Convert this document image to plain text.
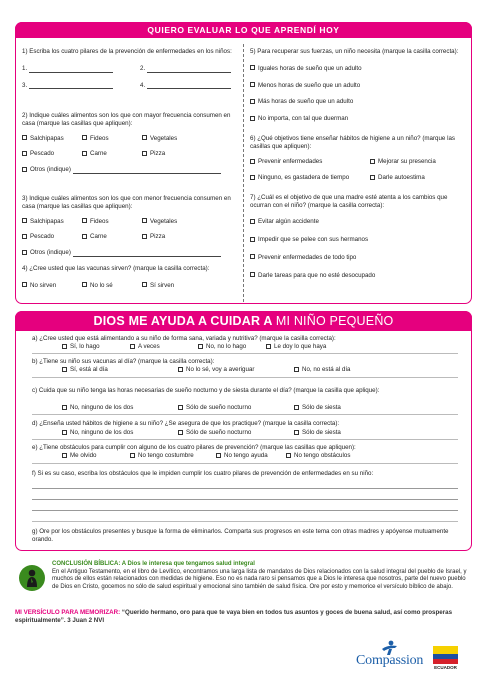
QUIERO EVALUAR LO QUE APRENDÍ HOY
1) Escriba los cuatro pilares de la prevención de enfermedades en los niños:
1.	2.
3.	4.
2) Indique cuáles alimentos son los que con mayor frecuencia consumen en casa (marque las casillas que apliquen):
Salchipapas	Fideos	Vegetales
Pescado	Carne	Pizza
Otros (indique)
3) Indique cuáles alimentos son los que con menor frecuencia consumen en casa (marque las casillas que apliquen):
Salchipapas	Fideos	Vegetales
Pescado	Carne	Pizza
Otros (indique)
4) ¿Cree usted que las vacunas sirven? (marque la casilla correcta):
No sirven	No lo sé	Sí sirven
5) Para recuperar sus fuerzas, un niño necesita (marque la casilla correcta):
Iguales horas de sueño que un adulto
Menos horas de sueño que un adulto
Más horas de sueño que un adulto
No importa, con tal que duerman
6) ¿Qué objetivos tiene enseñar hábitos de higiene a un niño? (marque las casillas que apliquen):
Prevenir enfermedades	Mejorar su presencia
Ninguno, es gastadera de tiempo	Darle autoestima
7) ¿Cuál es el objetivo de que una madre esté atenta a los cambios que ocurran con el niño? (marque la casilla correcta):
Evitar algún accidente
Impedir que se pelee con sus hermanos
Prevenir enfermedades de todo tipo
Darle tareas para que no esté desocupado
DIOS ME AYUDA A CUIDAR A MI NIÑO PEQUEÑO
a) ¿Cree usted que está alimentando a su niño de forma sana, variada y nutritiva? (marque la casilla correcta):
Sí, lo hago	A veces	No, no lo hago	Le doy lo que haya
b) ¿Tiene su niño sus vacunas al día? (marque la casilla correcta):
Sí, está al día	No lo sé, voy a averiguar	No, no está al día
c) Cuida que su niño tenga las horas necesarias de sueño nocturno y de siesta durante el día? (marque la casilla que aplique):
No, ninguno de los dos	Sólo de sueño nocturno	Sólo de siesta
d) ¿Enseña usted hábitos de higiene a su niño? ¿Se asegura de que los practique? (marque la casilla correcta):
No, ninguno de los dos	Sólo de sueño nocturno	Sólo de siesta
e) ¿Tiene obstáculos para cumplir con alguno de los cuatro pilares de prevención? (marque las casillas que apliquen):
Me olvido	No tengo costumbre	No tengo ayuda	No tengo obstáculos
f) Si es su caso, escriba los obstáculos que le impiden cumplir los cuatro pilares de prevención de enfermedades en su niño:
g) Ore por los obstáculos presentes y busque la forma de eliminarlos. Comparta sus progresos en este tema con otras madres y apóyense mutuamente orando.
CONCLUSIÓN BÍBLICA: A Dios le interesa que tengamos salud integral
En el Antiguo Testamento, en el libro de Levítico, encontramos una larga lista de mandatos de Dios relacionados con la salud integral del pueblo de Israel, y muchos de ellos están relacionados con medidas de higiene. Eso no es nada raro si pensamos que a Dios le interesa que nosotros, parte del nuevo pueblo de Dios en Cristo, gocemos no sólo de salud espiritual y emocional sino también de salud física. Ore por esto y memorice el versículo bíblico de abajo.
MI VERSÍCULO PARA MEMORIZAR: “Querido hermano, oro para que te vaya bien en todos tus asuntos y goces de buena salud, así como prosperas espiritualmente”. 3 Juan 2 NVI
Compassion ECUADOR
